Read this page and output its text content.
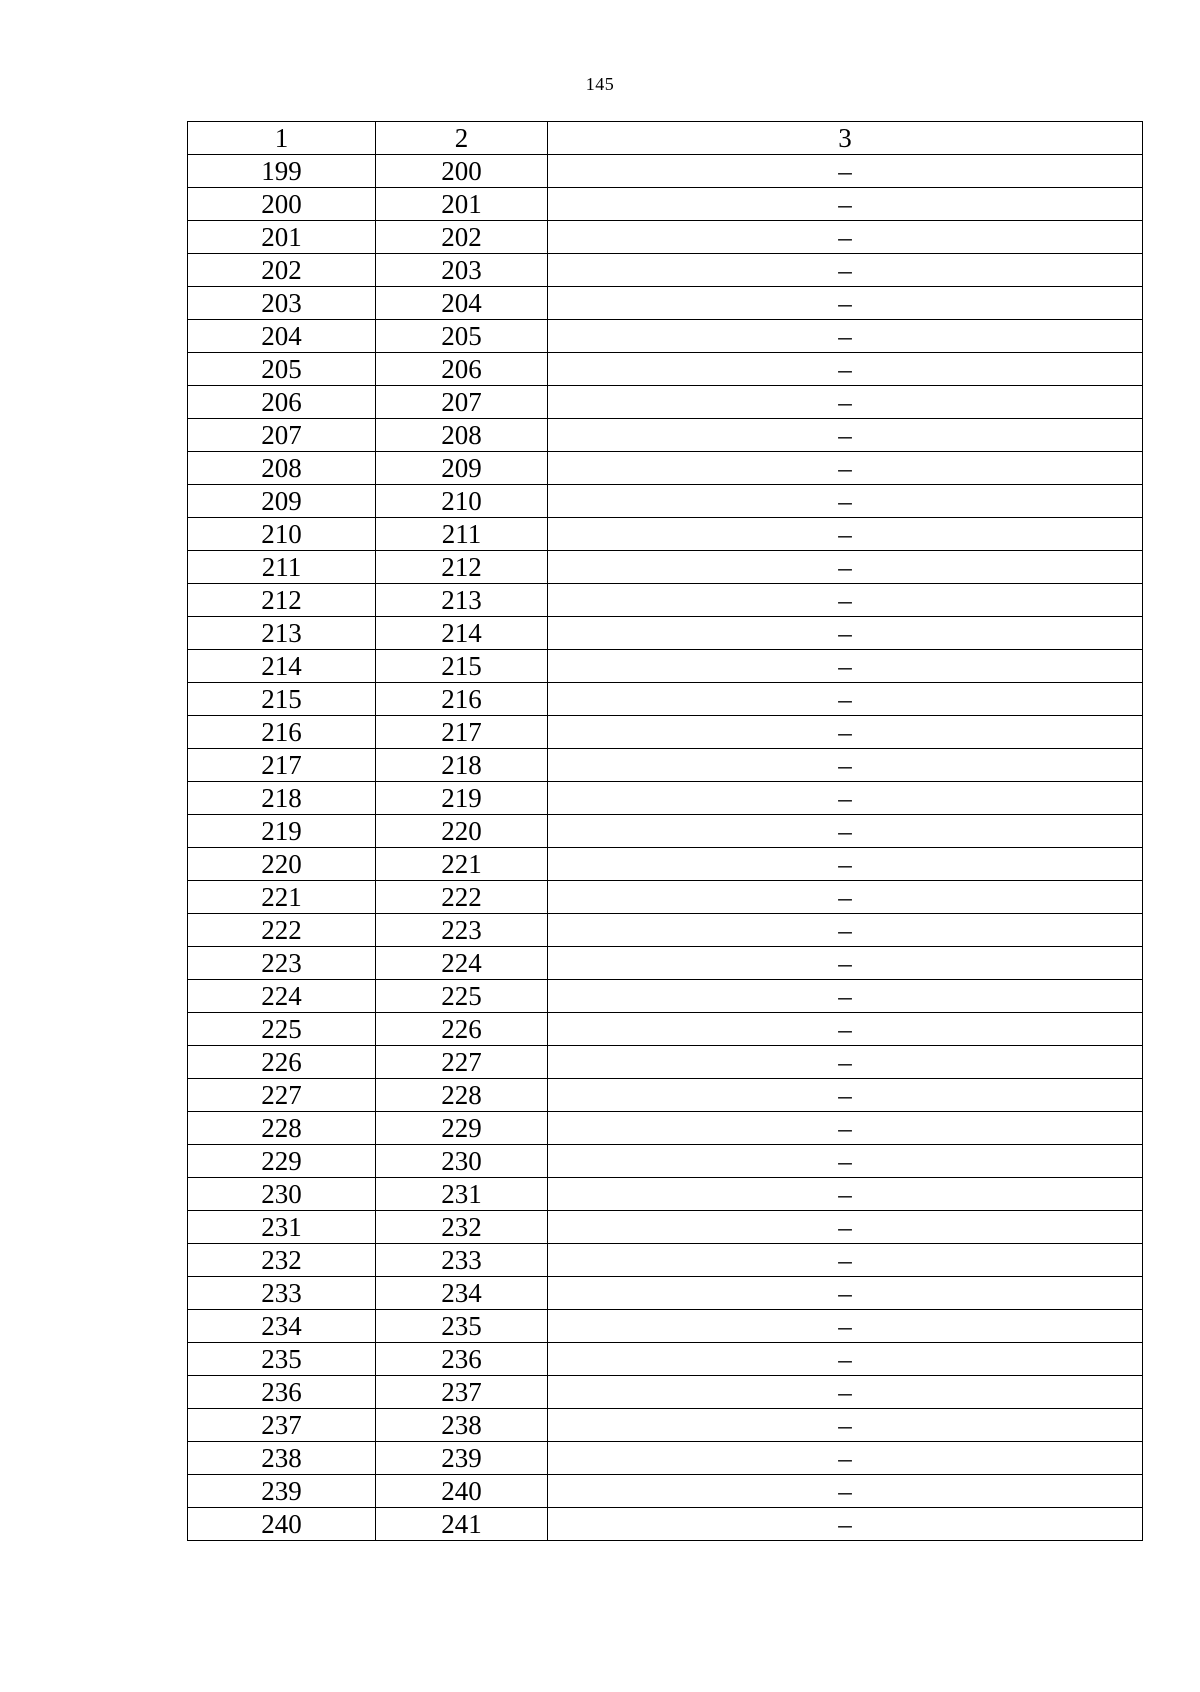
145
1	2	3
199	200	–
200	201	–
201	202	–
202	203	–
203	204	–
204	205	–
205	206	–
206	207	–
207	208	–
208	209	–
209	210	–
210	211	–
211	212	–
212	213	–
213	214	–
214	215	–
215	216	–
216	217	–
217	218	–
218	219	–
219	220	–
220	221	–
221	222	–
222	223	–
223	224	–
224	225	–
225	226	–
226	227	–
227	228	–
228	229	–
229	230	–
230	231	–
231	232	–
232	233	–
233	234	–
234	235	–
235	236	–
236	237	–
237	238	–
238	239	–
239	240	–
240	241	–
